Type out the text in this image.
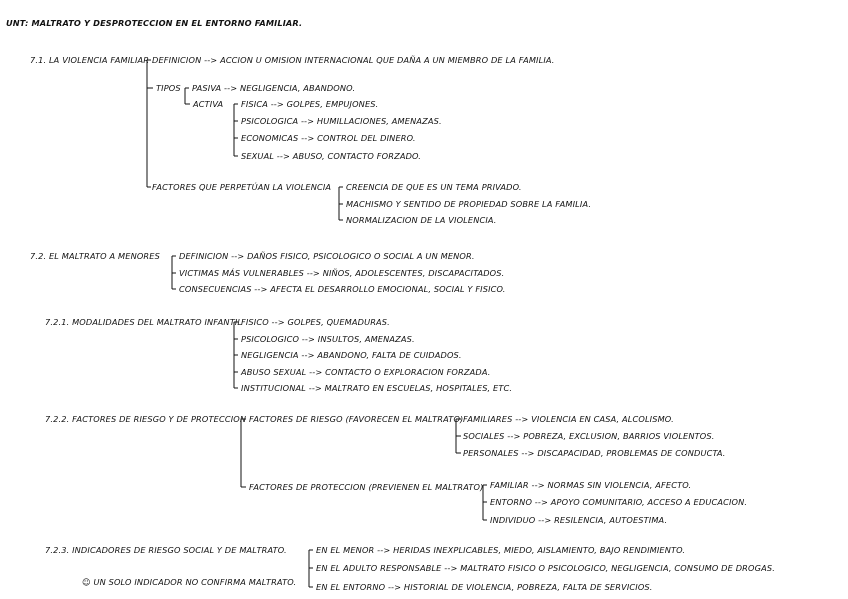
UNT: MALTRATO Y DESPROTECCION EN EL ENTORNO FAMILIAR.
7.1. LA VIOLENCIA FAMILIAR DEFINICION --> ACCION U OMISION INTERNACIONAL QUE DAÑA A UN MIEMBRO DE LA FAMILIA.
TIPOS PASIVA --> NEGLIGENCIA, ABANDONO.
ACTIVA FISICA --> GOLPES, EMPUJONES.
PSICOLOGICA --> HUMILLACIONES, AMENAZAS.
ECONOMICAS --> CONTROL DEL DINERO.
SEXUAL --> ABUSO, CONTACTO FORZADO.
FACTORES QUE PERPETÚAN LA VIOLENCIA CREENCIA DE QUE ES UN TEMA PRIVADO.
MACHISMO Y SENTIDO DE PROPIEDAD SOBRE LA FAMILIA.
NORMALIZACION DE LA VIOLENCIA.
7.2. EL MALTRATO A MENORES DEFINICION --> DAÑOS FISICO, PSICOLOGICO O SOCIAL A UN MENOR.
VICTIMAS MÁS VULNERABLES --> NIÑOS, ADOLESCENTES, DISCAPACITADOS.
CONSECUENCIAS --> AFECTA EL DESARROLLO EMOCIONAL, SOCIAL Y FISICO.
7.2.1. MODALIDADES DEL MALTRATO INFANTIL
FISICO --> GOLPES, QUEMADURAS.
PSICOLOGICO --> INSULTOS, AMENAZAS.
NEGLIGENCIA --> ABANDONO, FALTA DE CUIDADOS.
ABUSO SEXUAL --> CONTACTO O EXPLORACION FORZADA.
INSTITUCIONAL --> MALTRATO EN ESCUELAS, HOSPITALES, ETC.
7.2.2. FACTORES DE RIESGO Y DE PROTECCION FACTORES DE RIESGO (FAVORECEN EL MALTRATO) FAMILIARES --> VIOLENCIA EN CASA, ALCOLISMO.
SOCIALES --> POBREZA, EXCLUSION, BARRIOS VIOLENTOS.
PERSONALES --> DISCAPACIDAD, PROBLEMAS DE CONDUCTA.
FACTORES DE PROTECCION (PREVIENEN EL MALTRATO) FAMILIAR --> NORMAS SIN VIOLENCIA, AFECTO.
ENTORNO --> APOYO COMUNITARIO, ACCESO A EDUCACION.
INDIVIDUO --> RESILENCIA, AUTOESTIMA.
7.2.3. INDICADORES DE RIESGO SOCIAL Y DE MALTRATO.
☺ UN SOLO INDICADOR NO CONFIRMA MALTRATO.
EN EL MENOR --> HERIDAS INEXPLICABLES, MIEDO, AISLAMIENTO, BAJO RENDIMIENTO.
EN EL ADULTO RESPONSABLE --> MALTRATO FISICO O PSICOLOGICO, NEGLIGENCIA, CONSUMO DE DROGAS.
EN EL ENTORNO --> HISTORIAL DE VIOLENCIA, POBREZA, FALTA DE SERVICIOS.
